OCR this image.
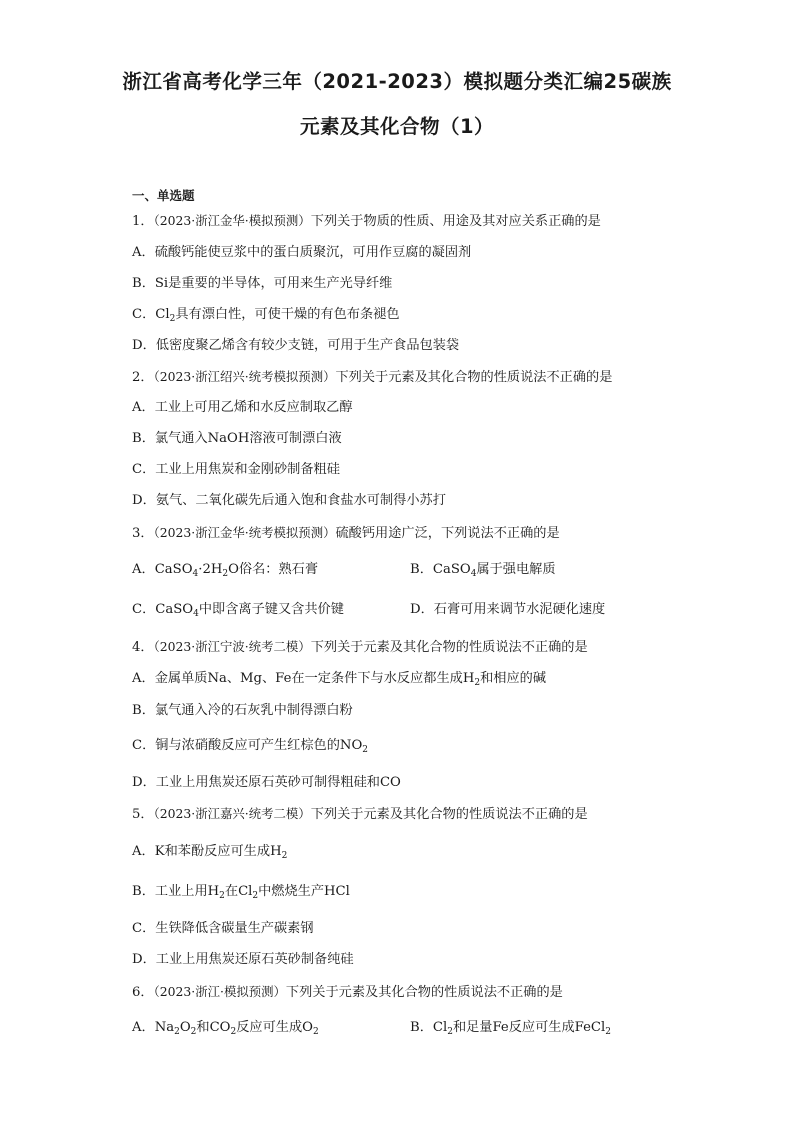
浙江省高考化学三年（2021-2023）模拟题分类汇编25碳族
元素及其化合物（1）
一、单选题
1．（2023·浙江金华·模拟预测）下列关于物质的性质、用途及其对应关系正确的是
A．硫酸钙能使豆浆中的蛋白质聚沉，可用作豆腐的凝固剂
B．Si是重要的半导体，可用来生产光导纤维
C．$Cl_2$具有漂白性，可使干燥的有色布条褪色
D．低密度聚乙烯含有较少支链，可用于生产食品包装袋
2．（2023·浙江绍兴·统考模拟预测）下列关于元素及其化合物的性质说法不正确的是
A．工业上可用乙烯和水反应制取乙醇
B．氯气通入NaOH溶液可制漂白液
C．工业上用焦炭和金刚砂制备粗硅
D．氨气、二氧化碳先后通入饱和食盐水可制得小苏打
3．（2023·浙江金华·统考模拟预测）硫酸钙用途广泛，下列说法不正确的是
A．$CaSO_4\cdot 2H_2O$俗名：熟石膏	B．CaSO$_4$属于强电解质
C．CaSO$_4$中即含离子键又含共价键	D．石膏可用来调节水泥硬化速度
4．（2023·浙江宁波·统考二模）下列关于元素及其化合物的性质说法不正确的是
A．金属单质Na、Mg、Fe在一定条件下与水反应都生成$H_2$和相应的碱
B．氯气通入冷的石灰乳中制得漂白粉
C．铜与浓硝酸反应可产生红棕色的$NO_2$
D．工业上用焦炭还原石英砂可制得粗硅和CO
5．（2023·浙江嘉兴·统考二模）下列关于元素及其化合物的性质说法不正确的是
A．K和苯酚反应可生成$H_2$
B．工业上用$H_2$在$Cl_2$中燃烧生产HCl
C．生铁降低含碳量生产碳素钢
D．工业上用焦炭还原石英砂制备纯硅
6．（2023·浙江·模拟预测）下列关于元素及其化合物的性质说法不正确的是
A．$Na_2O_2$和$CO_2$反应可生成$O_2$	B．$Cl_2$和足量Fe反应可生成FeCl$_2$
